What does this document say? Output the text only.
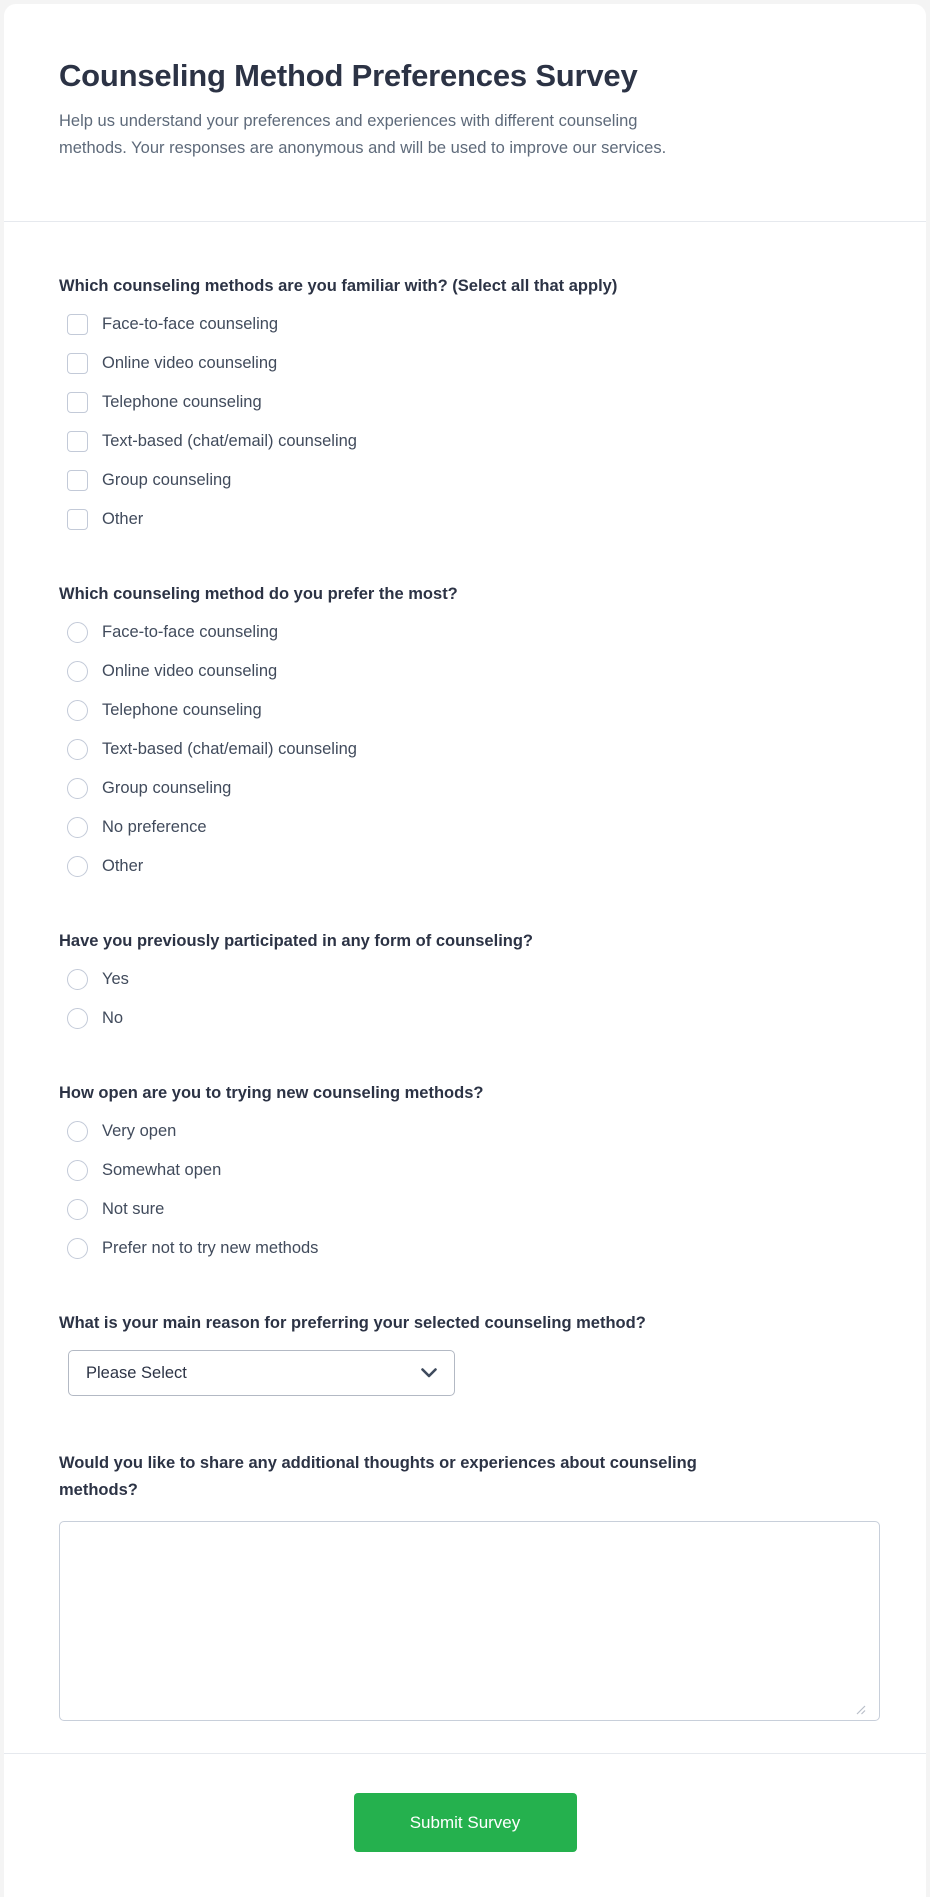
Counseling Method Preferences Survey
Help us understand your preferences and experiences with different counseling
methods. Your responses are anonymous and will be used to improve our services.
Which counseling methods are you familiar with? (Select all that apply)
Face-to-face counseling
Online video counseling
Telephone counseling
Text-based (chat/email) counseling
Group counseling
Other
Which counseling method do you prefer the most?
Face-to-face counseling
Online video counseling
Telephone counseling
Text-based (chat/email) counseling
Group counseling
No preference
Other
Have you previously participated in any form of counseling?
Yes
No
How open are you to trying new counseling methods?
Very open
Somewhat open
Not sure
Prefer not to try new methods
What is your main reason for preferring your selected counseling method?
Please Select
Would you like to share any additional thoughts or experiences about counseling
methods?
Submit Survey
